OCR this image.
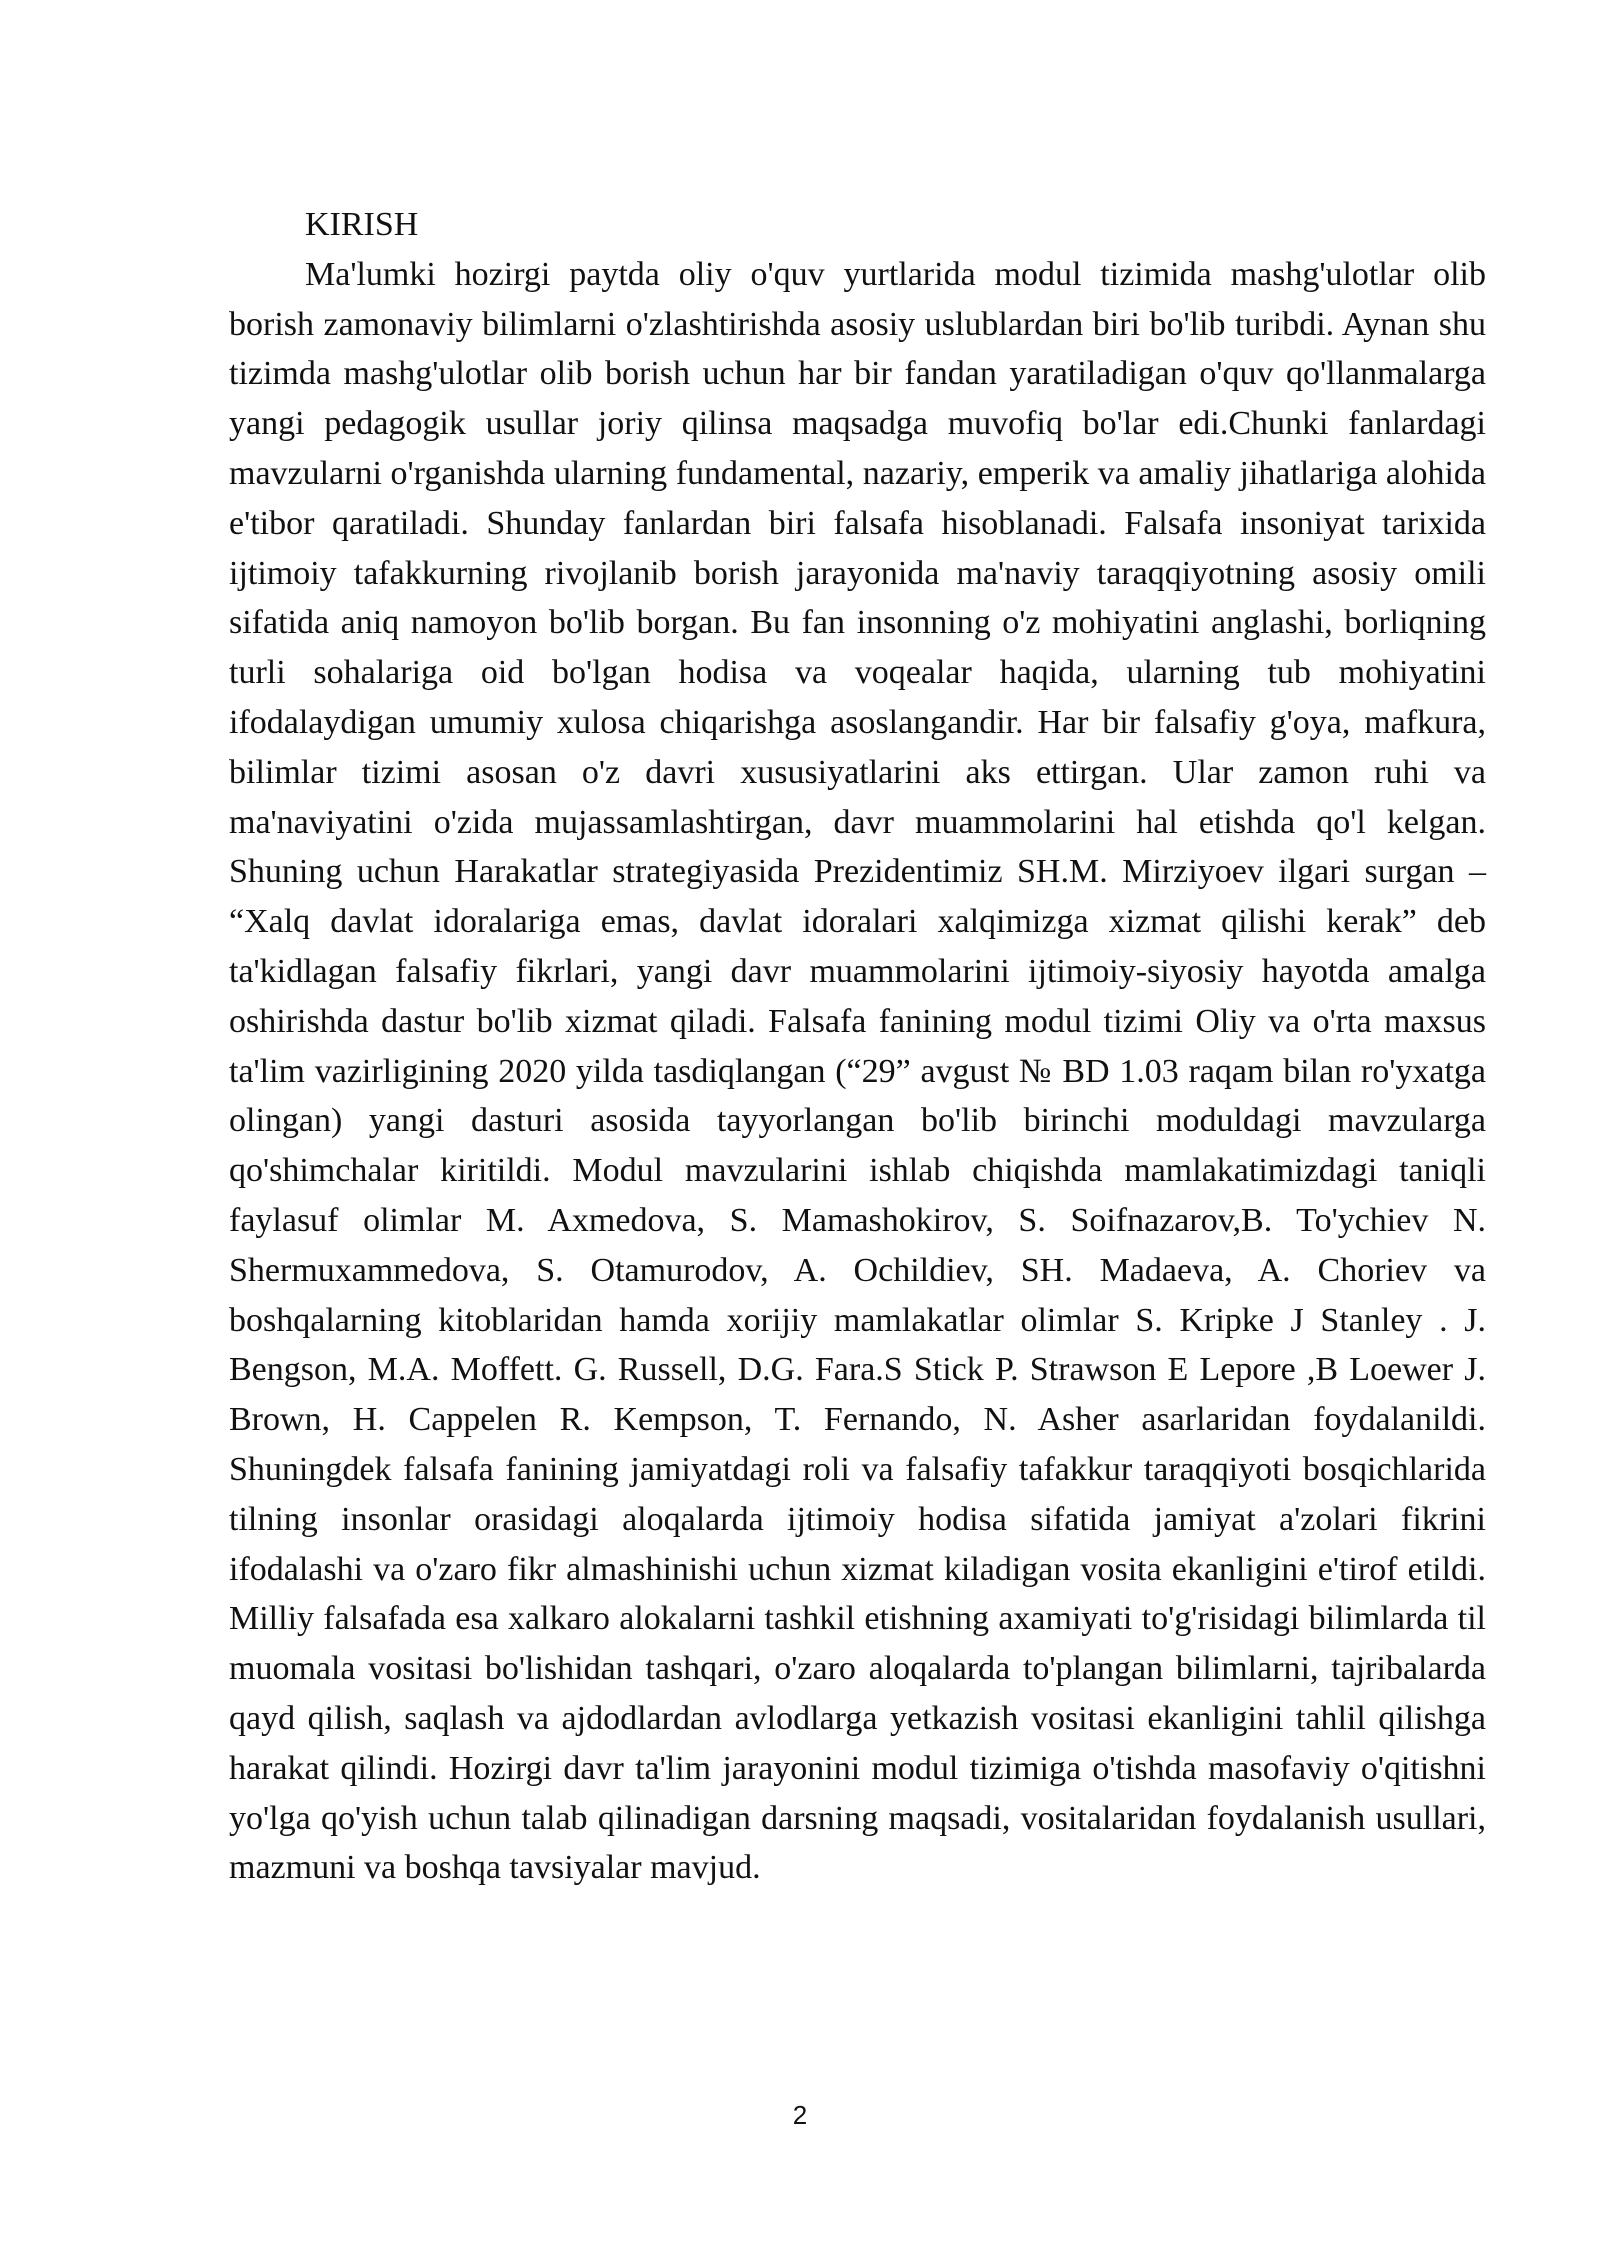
KIRISH

Ma'lumki hozirgi paytda oliy o'quv yurtlarida modul tizimida mashg'ulotlar olib borish zamonaviy bilimlarni o'zlashtirishda asosiy uslublardan biri bo'lib turibdi. Aynan shu tizimda mashg'ulotlar olib borish uchun har bir fandan yaratiladigan o'quv qo'llanmalarga yangi pedagogik usullar joriy qilinsa maqsadga muvofiq bo'lar edi.Chunki fanlardagi mavzularni o'rganishda ularning fundamental, nazariy, emperik va amaliy jihatlariga alohida e'tibor qaratiladi. Shunday fanlardan biri falsafa hisoblanadi. Falsafa insoniyat tarixida ijtimoiy tafakkurning rivojlanib borish jarayonida ma'naviy taraqqiyotning asosiy omili sifatida aniq namoyon bo'lib borgan. Bu fan insonning o'z mohiyatini anglashi, borliqning turli sohalariga oid bo'lgan hodisa va voqealar haqida, ularning tub mohiyatini ifodalaydigan umumiy xulosa chiqarishga asoslangandir. Har bir falsafiy g'oya, mafkura, bilimlar tizimi asosan o'z davri xususiyatlarini aks ettirgan. Ular zamon ruhi va ma'naviyatini o'zida mujassamlashtirgan, davr muammolarini hal etishda qo'l kelgan. Shuning uchun Harakatlar strategiyasida Prezidentimiz SH.M. Mirziyoev ilgari surgan – “Xalq davlat idoralariga emas, davlat idoralari xalqimizga xizmat qilishi kerak” deb ta'kidlagan falsafiy fikrlari, yangi davr muammolarini ijtimoiy-siyosiy hayotda amalga oshirishda dastur bo'lib xizmat qiladi. Falsafa fanining modul tizimi Oliy va o'rta maxsus ta'lim vazirligining 2020 yilda tasdiqlangan (“29” avgust № BD 1.03 raqam bilan ro'yxatga olingan) yangi dasturi asosida tayyorlangan bo'lib birinchi moduldagi mavzularga qo'shimchalar kiritildi. Modul mavzularini ishlab chiqishda mamlakatimizdagi taniqli faylasuf olimlar M. Axmedova, S. Mamashokirov, S. Soifnazarov,B. To'ychiev N. Shermuxammedova, S. Otamurodov, A. Ochildiev, SH. Madaeva, A. Choriev va boshqalarning kitoblaridan hamda xorijiy mamlakatlar olimlar S. Kripke J Stanley . J. Bengson, M.A. Moffett. G. Russell, D.G. Fara.S Stick P. Strawson E Lepore ,B Loewer J. Brown, H. Cappelen R. Kempson, T. Fernando, N. Asher asarlaridan foydalanildi. Shuningdek falsafa fanining jamiyatdagi roli va falsafiy tafakkur taraqqiyoti bosqichlarida tilning insonlar orasidagi aloqalarda ijtimoiy hodisa sifatida jamiyat a'zolari fikrini ifodalashi va o'zaro fikr almashinishi uchun xizmat kiladigan vosita ekanligini e'tirof etildi. Milliy falsafada esa xalkaro alokalarni tashkil etishning axamiyati to'g'risidagi bilimlarda til muomala vositasi bo'lishidan tashqari, o'zaro aloqalarda to'plangan bilimlarni, tajribalarda qayd qilish, saqlash va ajdodlardan avlodlarga yetkazish vositasi ekanligini tahlil qilishga harakat qilindi. Hozirgi davr ta'lim jarayonini modul tizimiga o'tishda masofaviy o'qitishni yo'lga qo'yish uchun talab qilinadigan darsning maqsadi, vositalaridan foydalanish usullari, mazmuni va boshqa tavsiyalar mavjud.

2
